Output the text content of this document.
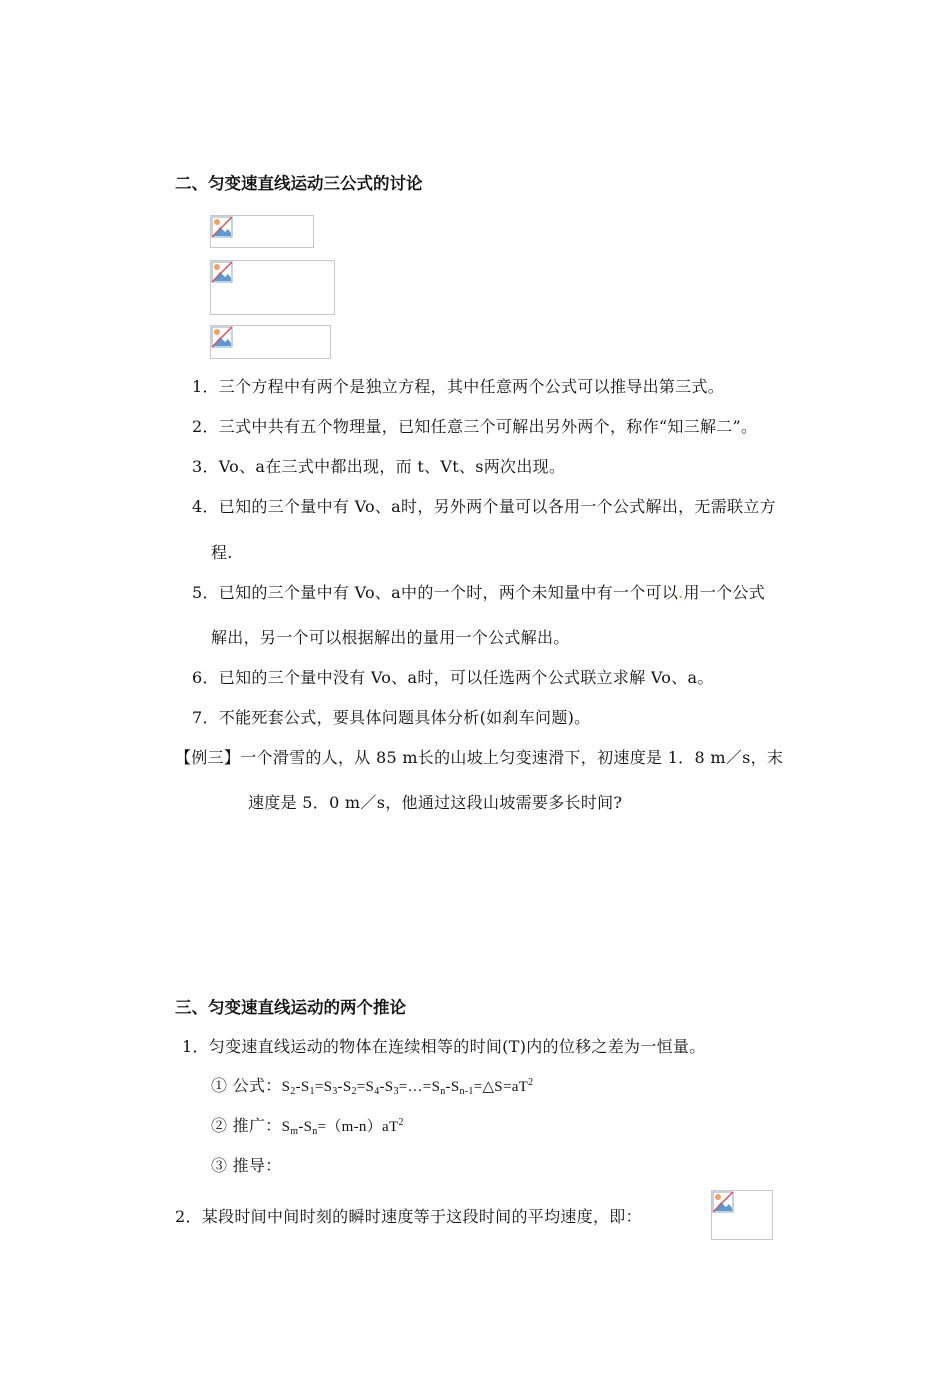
二、匀变速直线运动三公式的讨论
1．三个方程中有两个是独立方程，其中任意两个公式可以推导出第三式。
2．三式中共有五个物理量，已知任意三个可解出另外两个，称作“知三解二”。
3．Vo、a在三式中都出现，而 t、Vt、s两次出现。
4．已知的三个量中有 Vo、a时，另外两个量可以各用一个公式解出，无需联立方
程.
5．已知的三个量中有 Vo、a中的一个时，两个未知量中有一个可以.用一个公式
解出，另一个可以根据解出的量用一个公式解出。
6．已知的三个量中没有 Vo、a时，可以任选两个公式联立求解 Vo、a。
7．不能死套公式，要具体问题具体分析(如刹车问题)。
【例三】一个滑雪的人，从 85 m长的山坡上匀变速滑下，初速度是 1．8 m／s，末
速度是 5．0 m／s，他通过这段山坡需要多长时间?
三、匀变速直线运动的两个推论
1．匀变速直线运动的物体在连续相等的时间(T)内的位移之差为一恒量。
① 公式：$S_2-S_1=S_3-S_2=S_4-S_3=\dots=S_n-S_{n-1}=\triangle S=aT^2$
② 推广：$S_m-S_n=(m-n)aT^2$
③ 推导：
2．某段时间中间时刻的瞬时速度等于这段时间的平均速度，即：
